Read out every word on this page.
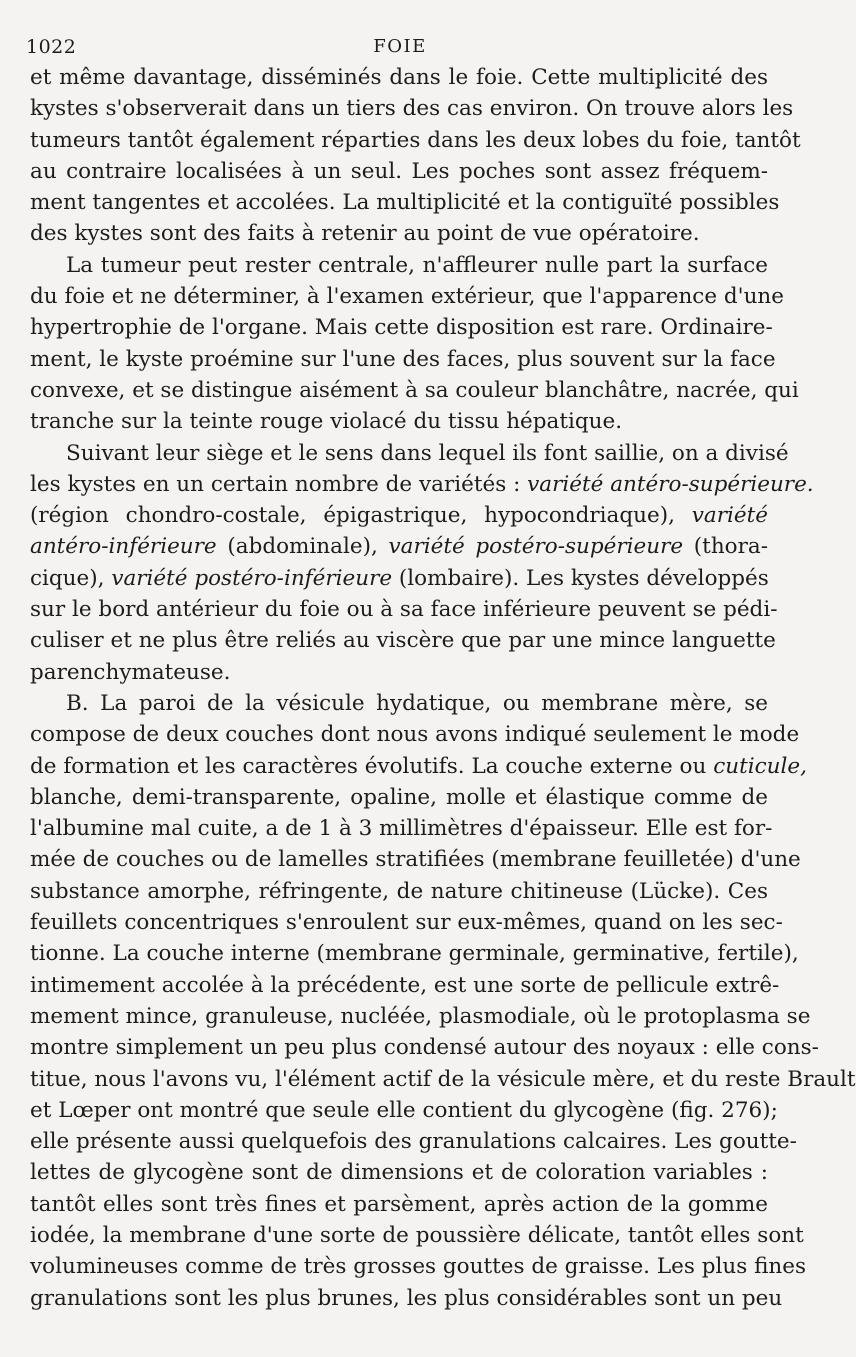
1022	FOIE
et même davantage, disséminés dans le foie. Cette multiplicité des
kystes s'observerait dans un tiers des cas environ. On trouve alors les
tumeurs tantôt également réparties dans les deux lobes du foie, tantôt
au contraire localisées à un seul. Les poches sont assez fréquem-
ment tangentes et accolées. La multiplicité et la contiguïté possibles
des kystes sont des faits à retenir au point de vue opératoire.
La tumeur peut rester centrale, n'affleurer nulle part la surface
du foie et ne déterminer, à l'examen extérieur, que l'apparence d'une
hypertrophie de l'organe. Mais cette disposition est rare. Ordinaire-
ment, le kyste proémine sur l'une des faces, plus souvent sur la face
convexe, et se distingue aisément à sa couleur blanchâtre, nacrée, qui
tranche sur la teinte rouge violacé du tissu hépatique.
Suivant leur siège et le sens dans lequel ils font saillie, on a divisé
les kystes en un certain nombre de variétés : variété antéro-supérieure.
(région chondro-costale, épigastrique, hypocondriaque), variété
antéro-inférieure (abdominale), variété postéro-supérieure (thora-
cique), variété postéro-inférieure (lombaire). Les kystes développés
sur le bord antérieur du foie ou à sa face inférieure peuvent se pédi-
culiser et ne plus être reliés au viscère que par une mince languette
parenchymateuse.
B. La paroi de la vésicule hydatique, ou membrane mère, se
compose de deux couches dont nous avons indiqué seulement le mode
de formation et les caractères évolutifs. La couche externe ou cuticule,
blanche, demi-transparente, opaline, molle et élastique comme de
l'albumine mal cuite, a de 1 à 3 millimètres d'épaisseur. Elle est for-
mée de couches ou de lamelles stratifiées (membrane feuilletée) d'une
substance amorphe, réfringente, de nature chitineuse (Lücke). Ces
feuillets concentriques s'enroulent sur eux-mêmes, quand on les sec-
tionne. La couche interne (membrane germinale, germinative, fertile),
intimement accolée à la précédente, est une sorte de pellicule extrê-
mement mince, granuleuse, nucléée, plasmodiale, où le protoplasma se
montre simplement un peu plus condensé autour des noyaux : elle cons-
titue, nous l'avons vu, l'élément actif de la vésicule mère, et du reste Brault
et Lœper ont montré que seule elle contient du glycogène (fig. 276);
elle présente aussi quelquefois des granulations calcaires. Les goutte-
lettes de glycogène sont de dimensions et de coloration variables :
tantôt elles sont très fines et parsèment, après action de la gomme
iodée, la membrane d'une sorte de poussière délicate, tantôt elles sont
volumineuses comme de très grosses gouttes de graisse. Les plus fines
granulations sont les plus brunes, les plus considérables sont un peu
